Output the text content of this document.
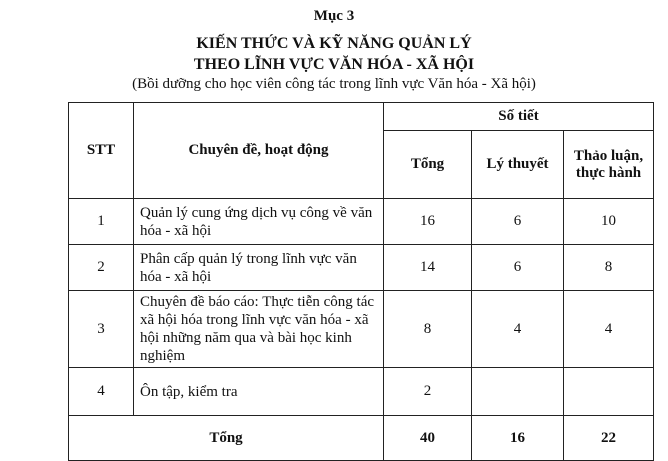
Mục 3
KIẾN THỨC VÀ KỸ NĂNG QUẢN LÝ
THEO LĨNH VỰC VĂN HÓA - XÃ HỘI
(Bồi dưỡng cho học viên công tác trong lĩnh vực Văn hóa - Xã hội)
STT	Chuyên đề, hoạt động	Số tiết		
		Tổng	Lý thuyết	Thảo luận, thực hành
1	Quản lý cung ứng dịch vụ công về văn hóa - xã hội	16	6	10
2	Phân cấp quản lý trong lĩnh vực văn hóa - xã hội	14	6	8
3	Chuyên đề báo cáo: Thực tiễn công tác xã hội hóa trong lĩnh vực văn hóa - xã hội những năm qua và bài học kinh nghiệm	8	4	4
4	Ôn tập, kiểm tra	2		
Tổng		40	16	22
